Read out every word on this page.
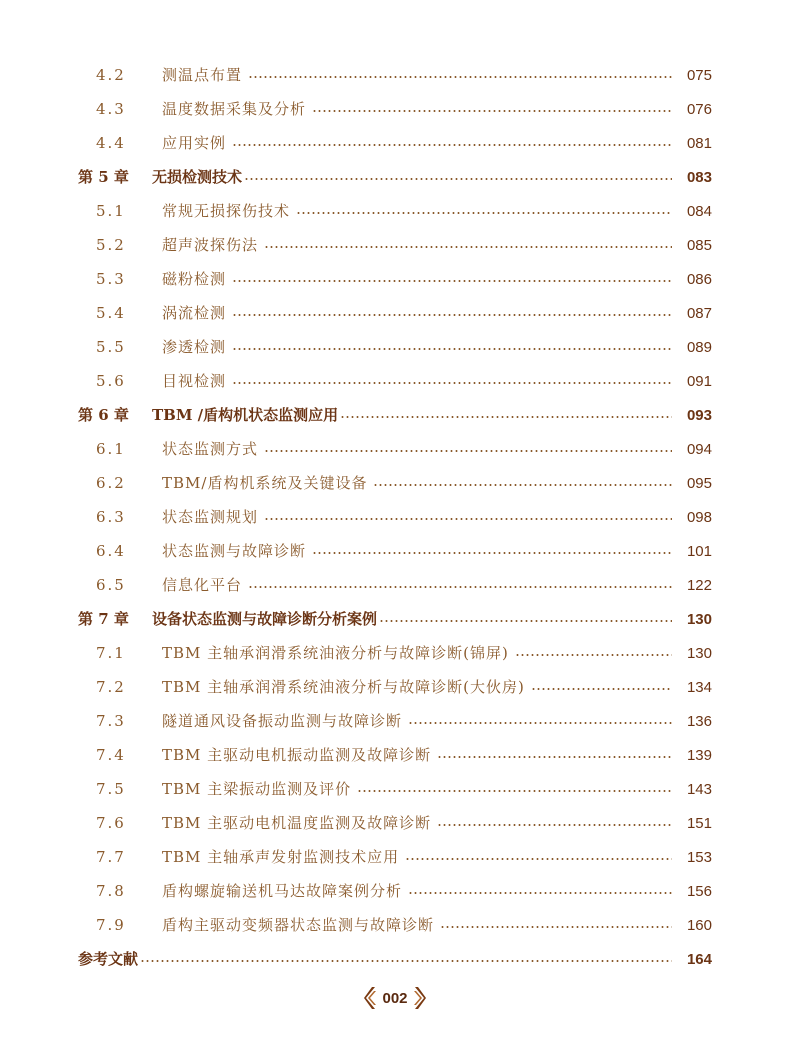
4.2	测温点布置	075
4.3	温度数据采集及分析	076
4.4	应用实例	081
第 5 章	无损检测技术	083
5.1	常规无损探伤技术	084
5.2	超声波探伤法	085
5.3	磁粉检测	086
5.4	涡流检测	087
5.5	渗透检测	089
5.6	目视检测	091
第 6 章	TBM /盾构机状态监测应用	093
6.1	状态监测方式	094
6.2	TBM/盾构机系统及关键设备	095
6.3	状态监测规划	098
6.4	状态监测与故障诊断	101
6.5	信息化平台	122
第 7 章	设备状态监测与故障诊断分析案例	130
7.1	TBM 主轴承润滑系统油液分析与故障诊断(锦屏)	130
7.2	TBM 主轴承润滑系统油液分析与故障诊断(大伙房)	134
7.3	隧道通风设备振动监测与故障诊断	136
7.4	TBM 主驱动电机振动监测及故障诊断	139
7.5	TBM 主梁振动监测及评价	143
7.6	TBM 主驱动电机温度监测及故障诊断	151
7.7	TBM 主轴承声发射监测技术应用	153
7.8	盾构螺旋输送机马达故障案例分析	156
7.9	盾构主驱动变频器状态监测与故障诊断	160
参考文献	164
002
